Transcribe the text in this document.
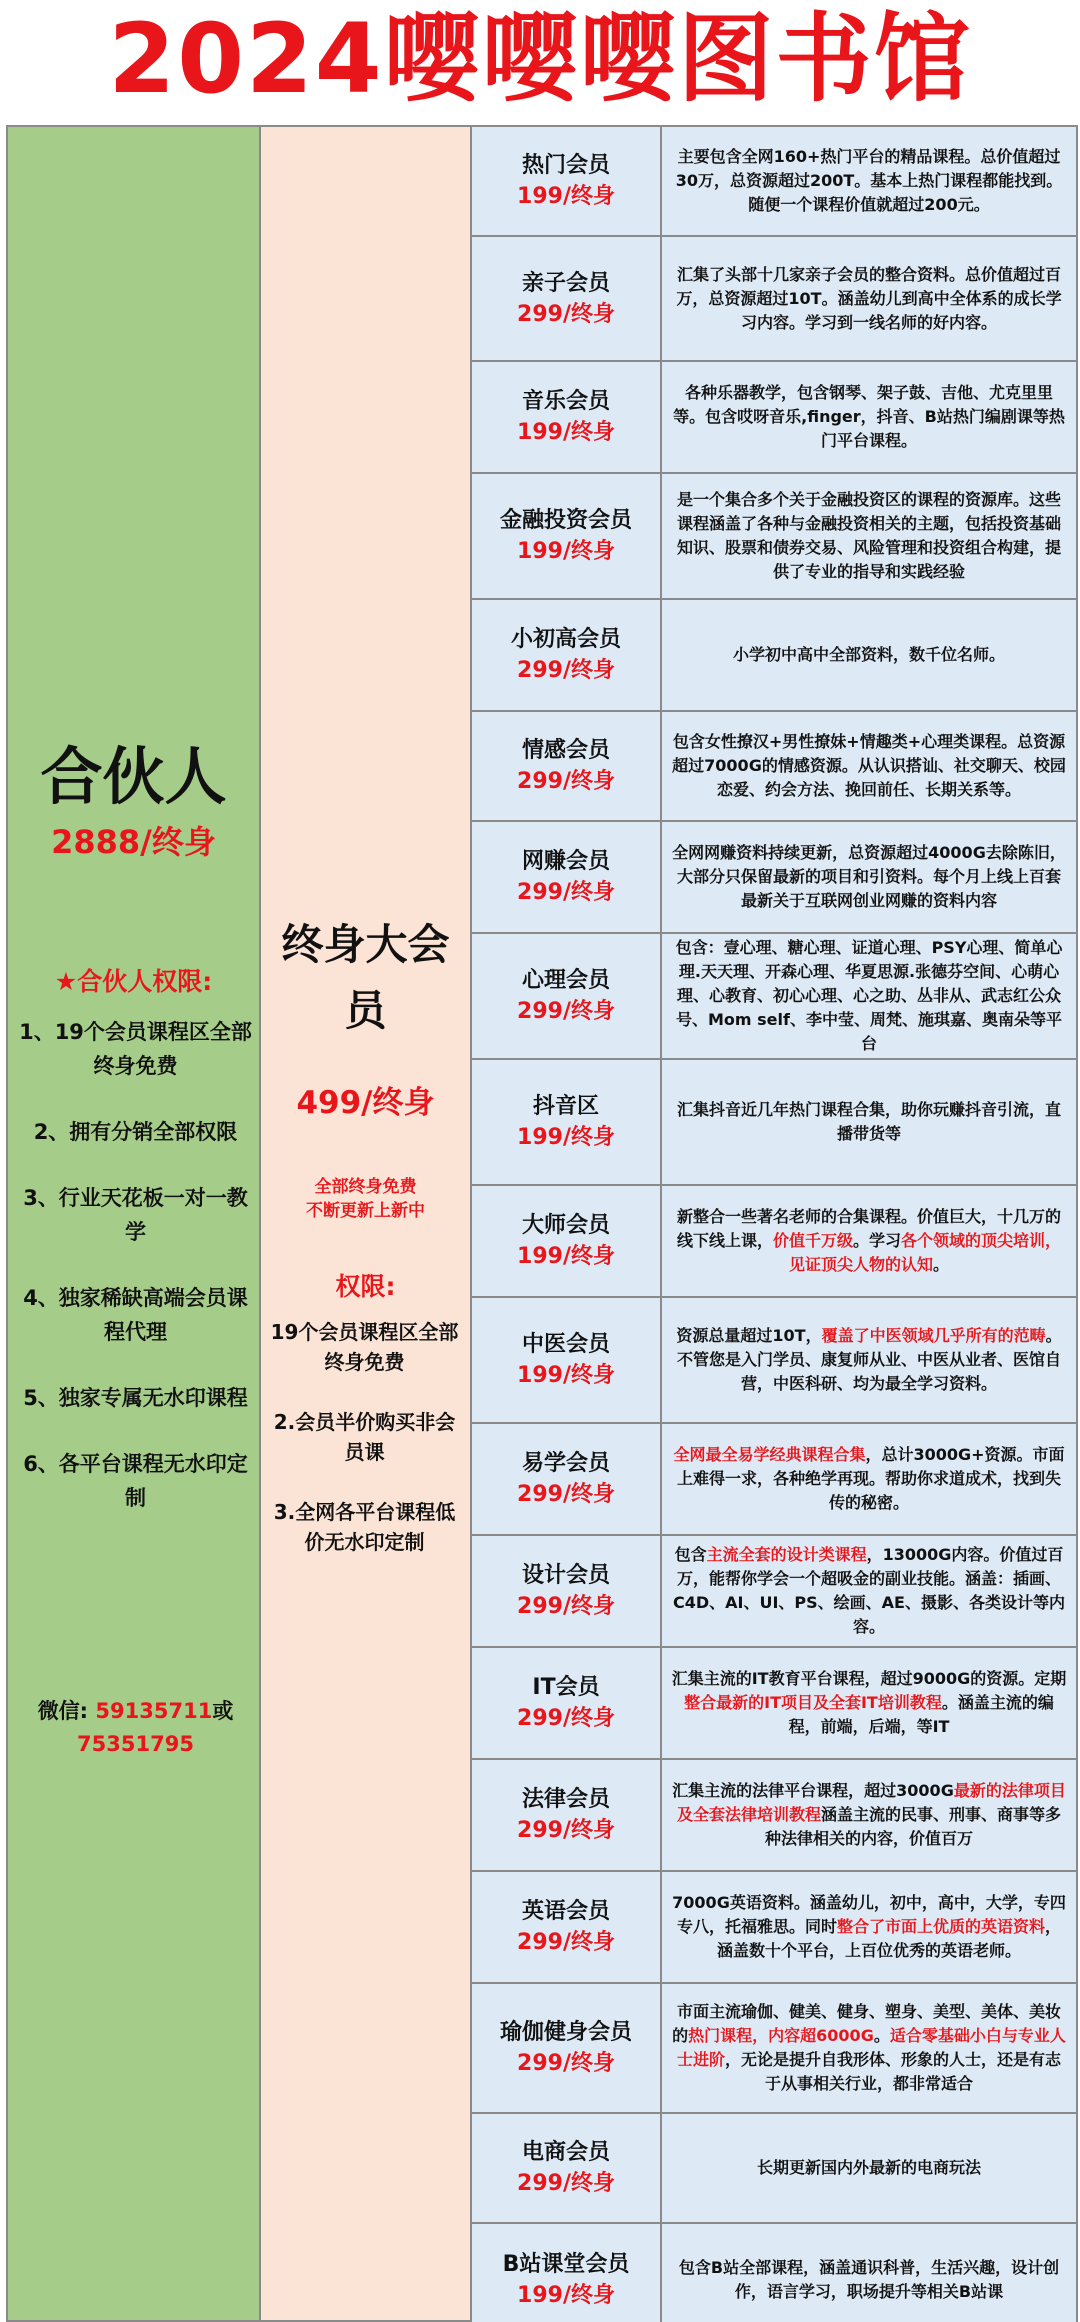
2024嘤嘤嘤图书馆
合伙人
2888/终身
★合伙人权限:
1、19个会员课程区全部终身免费
2、拥有分销全部权限
3、行业天花板一对一教学
4、独家稀缺高端会员课程代理
5、独家专属无水印课程
6、各平台课程无水印定制
微信: 59135711或
75351795
终身大会员
499/终身
全部终身免费
不断更新上新中
权限:
19个会员课程区全部终身免费
2.会员半价购买非会员课
3.全网各平台课程低价无水印定制
热门会员
199/终身
主要包含全网160+热门平台的精品课程。总价值超过30万，总资源超过200T。基本上热门课程都能找到。随便一个课程价值就超过200元。
亲子会员
299/终身
汇集了头部十几家亲子会员的整合资料。总价值超过百万，总资源超过10T。涵盖幼儿到高中全体系的成长学习内容。学习到一线名师的好内容。
音乐会员
199/终身
各种乐器教学，包含钢琴、架子鼓、吉他、尤克里里等。包含哎呀音乐,finger，抖音、B站热门编剧课等热门平台课程。
金融投资会员
199/终身
是一个集合多个关于金融投资区的课程的资源库。这些课程涵盖了各种与金融投资相关的主题，包括投资基础知识、股票和债券交易、风险管理和投资组合构建，提供了专业的指导和实践经验
小初高会员
299/终身
小学初中高中全部资料，数千位名师。
情感会员
299/终身
包含女性撩汉+男性撩妹+情趣类+心理类课程。总资源超过7000G的情感资源。从认识搭讪、社交聊天、校园恋爱、约会方法、挽回前任、长期关系等。
网赚会员
299/终身
全网网赚资料持续更新，总资源超过4000G去除陈旧，大部分只保留最新的项目和引资料。每个月上线上百套最新关于互联网创业网赚的资料内容
心理会员
299/终身
包含：壹心理、糖心理、证道心理、PSY心理、简单心理.天天理、开森心理、华夏思源.张德芬空间、心萌心理、心教育、初心心理、心之助、丛非从、武志红公众号、Mom self、李中莹、周梵、施琪嘉、奥南朵等平台
抖音区
199/终身
汇集抖音近几年热门课程合集，助你玩赚抖音引流，直播带货等
大师会员
199/终身
新整合一些著名老师的合集课程。价值巨大，十几万的线下线上课，价值千万级。学习各个领域的顶尖培训，见证顶尖人物的认知。
中医会员
199/终身
资源总量超过10T，覆盖了中医领域几乎所有的范畴。不管您是入门学员、康复师从业、中医从业者、医馆自营，中医科研、均为最全学习资料。
易学会员
299/终身
全网最全易学经典课程合集，总计3000G+资源。市面上难得一求，各种绝学再现。帮助你求道成术，找到失传的秘密。
设计会员
299/终身
包含主流全套的设计类课程，13000G内容。价值过百万，能帮你学会一个超吸金的副业技能。涵盖：插画、C4D、AI、UI、PS、绘画、AE、摄影、各类设计等内容。
IT会员
299/终身
汇集主流的IT教育平台课程，超过9000G的资源。定期整合最新的IT项目及全套IT培训教程。涵盖主流的编程，前端，后端，等IT
法律会员
299/终身
汇集主流的法律平台课程，超过3000G最新的法律项目及全套法律培训教程涵盖主流的民事、刑事、商事等多种法律相关的内容，价值百万
英语会员
299/终身
7000G英语资料。涵盖幼儿，初中，高中，大学，专四专八，托福雅思。同时整合了市面上优质的英语资料，涵盖数十个平台，上百位优秀的英语老师。
瑜伽健身会员
299/终身
市面主流瑜伽、健美、健身、塑身、美型、美体、美妆的热门课程，内容超6000G。适合零基础小白与专业人士进阶，无论是提升自我形体、形象的人士，还是有志于从事相关行业，都非常适合
电商会员
299/终身
长期更新国内外最新的电商玩法
B站课堂会员
199/终身
包含B站全部课程，涵盖通识科普，生活兴趣，设计创作，语言学习，职场提升等相关B站课
